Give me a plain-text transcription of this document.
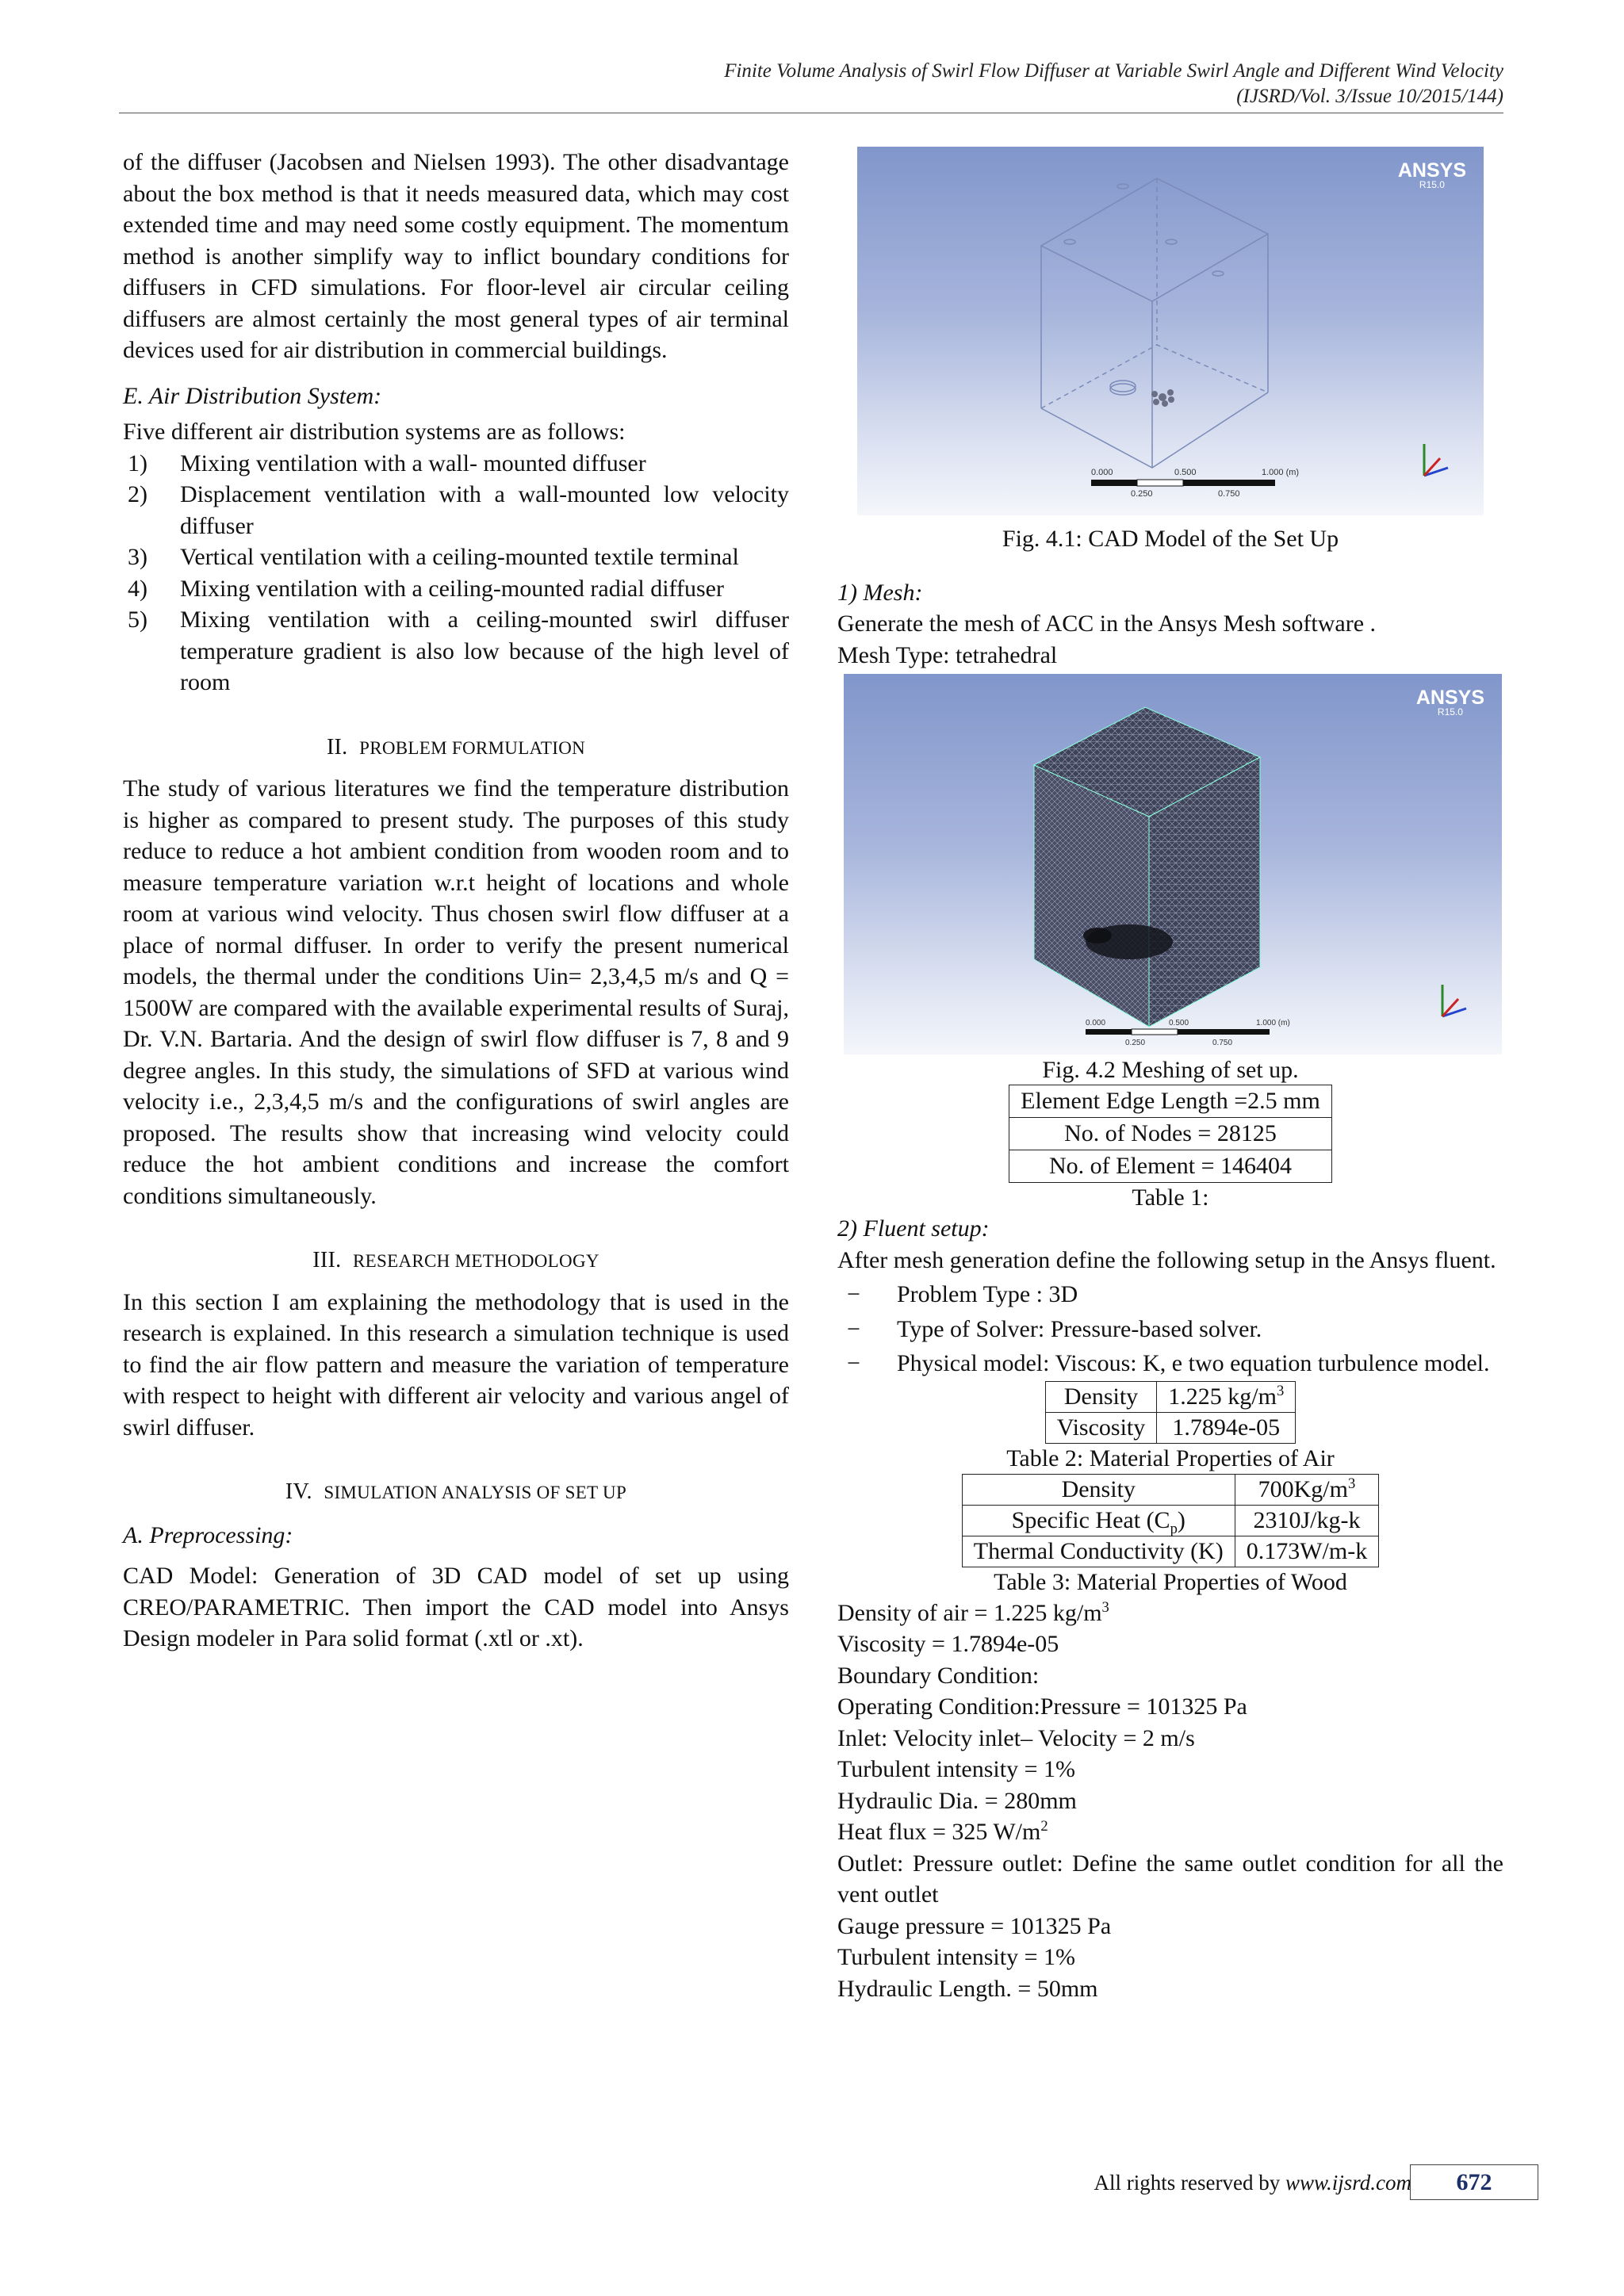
Finite Volume Analysis of Swirl Flow Diffuser at Variable Swirl Angle and Different Wind Velocity
(IJSRD/Vol. 3/Issue 10/2015/144)

of the diffuser (Jacobsen and Nielsen 1993). The other disadvantage about the box method is that it needs measured data, which may cost extended time and may need some costly equipment. The momentum method is another simplify way to inflict boundary conditions for diffusers in CFD simulations. For floor-level air circular ceiling diffusers are almost certainly the most general types of air terminal devices used for air distribution in commercial buildings.

E. Air Distribution System:

Five different air distribution systems are as follows:

1)	Mixing ventilation with a wall- mounted diffuser
2)	Displacement ventilation with a wall-mounted low velocity diffuser
3)	Vertical ventilation with a ceiling-mounted textile terminal
4)	Mixing ventilation with a ceiling-mounted radial diffuser
5)	Mixing ventilation with a ceiling-mounted swirl diffuser temperature gradient is also low because of the high level of room

II. PROBLEM FORMULATION

The study of various literatures we find the temperature distribution is higher as compared to present study. The purposes of this study reduce to reduce a hot ambient condition from wooden room and to measure temperature variation w.r.t height of locations and whole room at various wind velocity. Thus chosen swirl flow diffuser at a place of normal diffuser. In order to verify the present numerical models, the thermal under the conditions Uin= 2,3,4,5 m/s and Q = 1500W are compared with the available experimental results of Suraj, Dr. V.N. Bartaria. And the design of swirl flow diffuser is 7, 8 and 9 degree angles. In this study, the simulations of SFD at various wind velocity i.e., 2,3,4,5 m/s and the configurations of swirl angles are proposed. The results show that increasing wind velocity could reduce the hot ambient conditions and increase the comfort conditions simultaneously.

III. RESEARCH METHODOLOGY

In this section I am explaining the methodology that is used in the research is explained. In this research a simulation technique is used to find the air flow pattern and measure the variation of temperature with respect to height with different air velocity and various angel of swirl diffuser.

IV. SIMULATION ANALYSIS OF SET UP

A. Preprocessing:

CAD Model: Generation of 3D CAD model of set up using CREO/PARAMETRIC. Then import the CAD model into Ansys Design modeler in Para solid format (.xtl or .xt).

0.000	0.500	1.000 (m)
0.250	0.750
ANSYS
R15.0

Fig. 4.1: CAD Model of the Set Up

1) Mesh:

Generate the mesh of ACC in the Ansys Mesh software .

Mesh Type: tetrahedral

0.000	0.500	1.000 (m)
0.250	0.750
ANSYS
R15.0

Fig. 4.2 Meshing of set up.

Element Edge Length =2.5 mm
No. of Nodes = 28125
No. of Element = 146404

Table 1:

2) Fluent setup:

After mesh generation define the following setup in the Ansys fluent.

−	Problem Type : 3D
−	Type of Solver: Pressure-based solver.
−	Physical model: Viscous: K, e two equation turbulence model.
Density	1.225 $kg/m^3$
Viscosity	1.7894e-05

Table 2: Material Properties of Air

Density	$700Kg/m^3$
Specific Heat $(C_p)$	2310J/kg-k
Thermal Conductivity (K)	0.173W/m-k

Table 3: Material Properties of Wood

Density of air = 1.225 $kg/m^3$

Viscosity = 1.7894e-05

Boundary Condition:

Operating Condition:Pressure = 101325 Pa

Inlet: Velocity inlet– Velocity = 2 m/s

Turbulent intensity = 1%

Hydraulic Dia. = 280mm

Heat flux = 325 $W/m^2$

Outlet: Pressure outlet: Define the same outlet condition for all the vent outlet

Gauge pressure = 101325 Pa

Turbulent intensity = 1%

Hydraulic Length. = 50mm

All rights reserved by www.ijsrd.com	672
